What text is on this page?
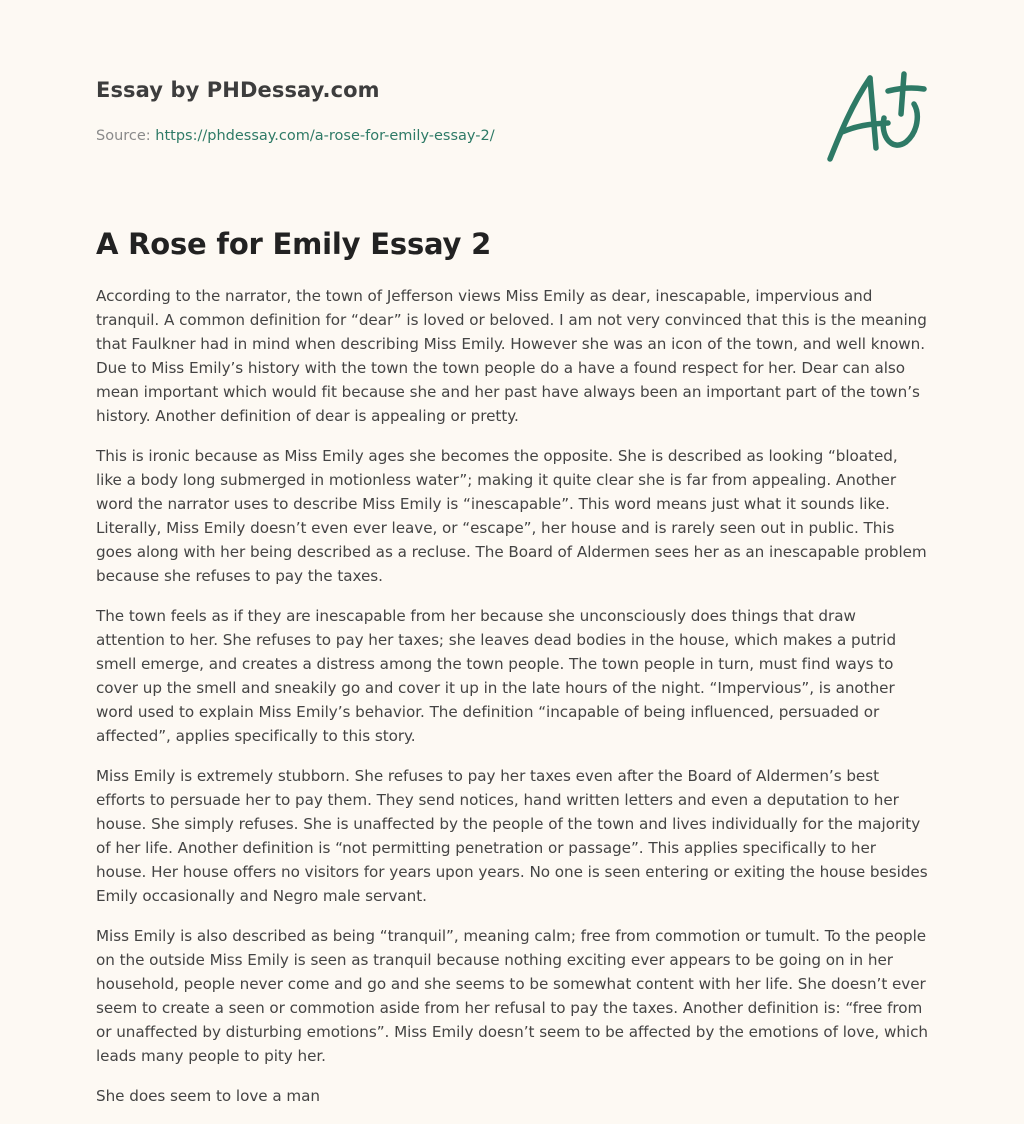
Essay by PHDessay.com
Source: https://phdessay.com/a-rose-for-emily-essay-2/
A Rose for Emily Essay 2

According to the narrator, the town of Jefferson views Miss Emily as dear, inescapable, impervious and tranquil. A common definition for “dear” is loved or beloved. I am not very convinced that this is the meaning that Faulkner had in mind when describing Miss Emily. However she was an icon of the town, and well known. Due to Miss Emily’s history with the town the town people do a have a found respect for her. Dear can also mean important which would fit because she and her past have always been an important part of the town’s history. Another definition of dear is appealing or pretty.

This is ironic because as Miss Emily ages she becomes the opposite. She is described as looking “bloated, like a body long submerged in motionless water”; making it quite clear she is far from appealing. Another word the narrator uses to describe Miss Emily is “inescapable”. This word means just what it sounds like. Literally, Miss Emily doesn’t even ever leave, or “escape”, her house and is rarely seen out in public. This goes along with her being described as a recluse. The Board of Aldermen sees her as an inescapable problem because she refuses to pay the taxes.

The town feels as if they are inescapable from her because she unconsciously does things that draw attention to her. She refuses to pay her taxes; she leaves dead bodies in the house, which makes a putrid smell emerge, and creates a distress among the town people. The town people in turn, must find ways to cover up the smell and sneakily go and cover it up in the late hours of the night. “Impervious”, is another word used to explain Miss Emily’s behavior. The definition “incapable of being influenced, persuaded or affected”, applies specifically to this story.

Miss Emily is extremely stubborn. She refuses to pay her taxes even after the Board of Aldermen’s best efforts to persuade her to pay them. They send notices, hand written letters and even a deputation to her house. She simply refuses. She is unaffected by the people of the town and lives individually for the majority of her life. Another definition is “not permitting penetration or passage”. This applies specifically to her house. Her house offers no visitors for years upon years. No one is seen entering or exiting the house besides Emily occasionally and Negro male servant.

Miss Emily is also described as being “tranquil”, meaning calm; free from commotion or tumult. To the people on the outside Miss Emily is seen as tranquil because nothing exciting ever appears to be going on in her household, people never come and go and she seems to be somewhat content with her life. She doesn’t ever seem to create a seen or commotion aside from her refusal to pay the taxes. Another definition is: “free from or unaffected by disturbing emotions”. Miss Emily doesn’t seem to be affected by the emotions of love, which leads many people to pity her.

She does seem to love a man
